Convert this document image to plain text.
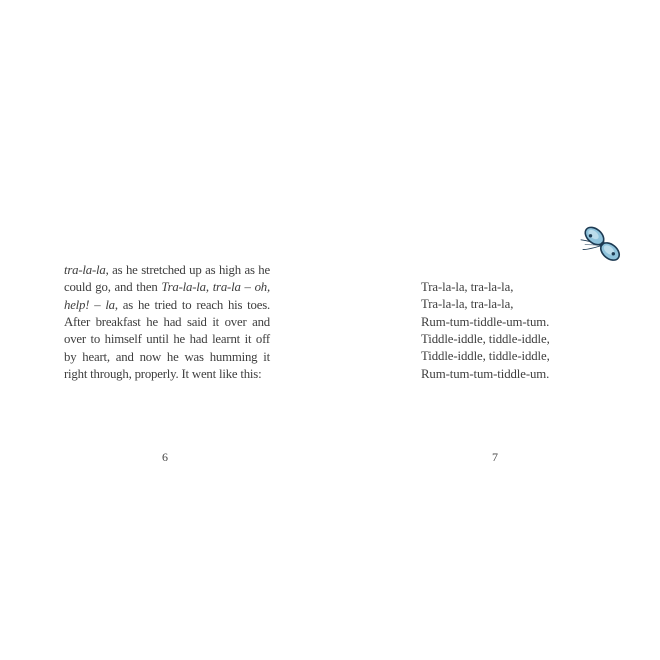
tra-la-la, as he stretched up as high as he
could go, and then Tra-la-la, tra-la – oh,
help! – la, as he tried to reach his toes.
After breakfast he had said it over and
over to himself until he had learnt it off
by heart, and now he was humming it
right through, properly. It went like this:
Tra-la-la, tra-la-la,
Tra-la-la, tra-la-la,
Rum-tum-tiddle-um-tum.
Tiddle-iddle, tiddle-iddle,
Tiddle-iddle, tiddle-iddle,
Rum-tum-tum-tiddle-um.
6	7
